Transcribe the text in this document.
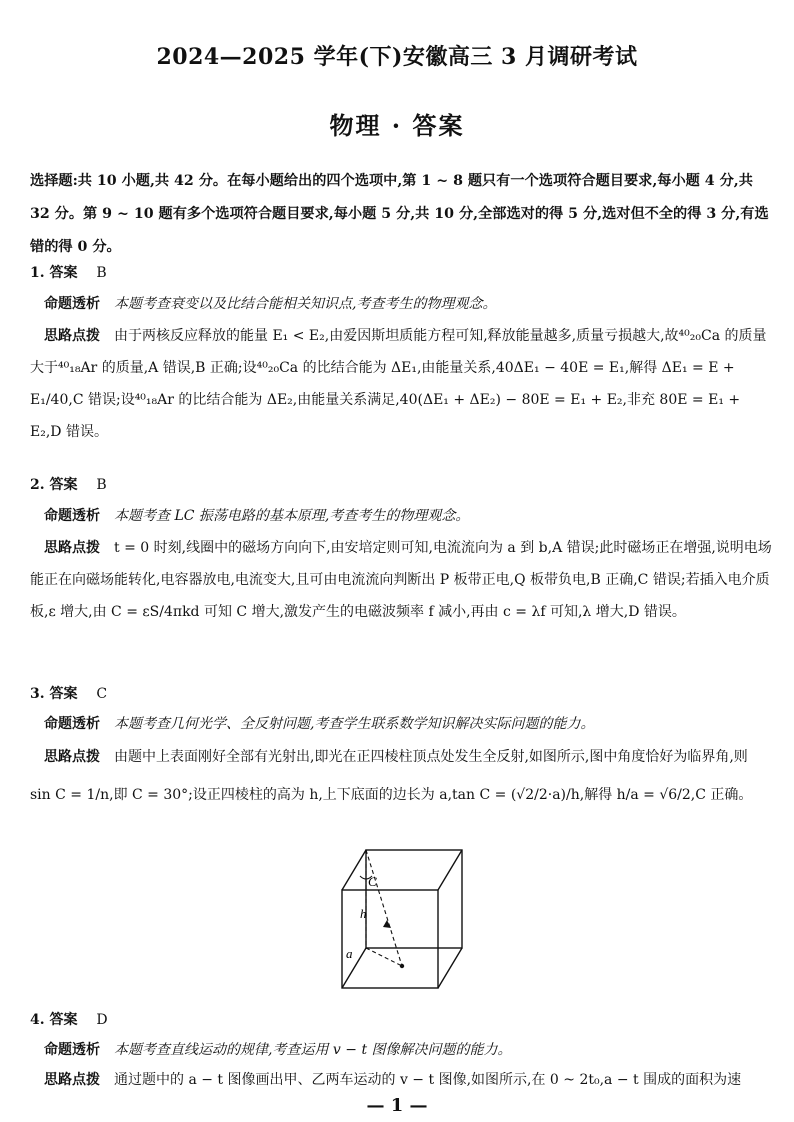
2024—2025 学年(下)安徽高三 3 月调研考试
物理 · 答案
选择题:共 10 小题,共 42 分。在每小题给出的四个选项中,第 1 ~ 8 题只有一个选项符合题目要求,每小题 4 分,共 32 分。第 9 ~ 10 题有多个选项符合题目要求,每小题 5 分,共 10 分,全部选对的得 5 分,选对但不全的得 3 分,有选错的得 0 分。
1. 答案 B
命题透析 本题考查衰变以及比结合能相关知识点,考查考生的物理观念。
思路点拨 由于两核反应释放的能量 E₁ < E₂,由爱因斯坦质能方程可知,释放能量越多,质量亏损越大,故⁴⁰₂₀Ca 的质量大于⁴⁰₁₈Ar 的质量,A 错误,B 正确;设⁴⁰₂₀Ca 的比结合能为 ΔE₁,由能量关系,40ΔE₁ − 40E = E₁,解得 ΔE₁ = E + E₁/40,C 错误;设⁴⁰₁₈Ar 的比结合能为 ΔE₂,由能量关系满足,40(ΔE₁ + ΔE₂) − 80E = E₁ + E₂,非充 80E = E₁ + E₂,D 错误。
2. 答案 B
命题透析 本题考查 LC 振荡电路的基本原理,考查考生的物理观念。
思路点拨 t = 0 时刻,线圈中的磁场方向向下,由安培定则可知,电流流向为 a 到 b,A 错误;此时磁场正在增强,说明电场能正在向磁场能转化,电容器放电,电流变大,且可由电流流向判断出 P 板带正电,Q 板带负电,B 正确,C 错误;若插入电介质板,ε 增大,由 C = εS/4πkd 可知 C 增大,激发产生的电磁波频率 f 减小,再由 c = λf 可知,λ 增大,D 错误。
3. 答案 C
命题透析 本题考查几何光学、全反射问题,考查学生联系数学知识解决实际问题的能力。
思路点拨 由题中上表面刚好全部有光射出,即光在正四棱柱顶点处发生全反射,如图所示,图中角度恰好为临界角,则 sin C = 1/n,即 C = 30°;设正四棱柱的高为 h,上下底面的边长为 a,tan C = (√2/2·a)/h,解得 h/a = √6/2,C 正确。
C
h
a
4. 答案 D
命题透析 本题考查直线运动的规律,考查运用 v − t 图像解决问题的能力。
思路点拨 通过题中的 a − t 图像画出甲、乙两车运动的 v − t 图像,如图所示,在 0 ~ 2t₀,a − t 围成的面积为速
— 1 —
